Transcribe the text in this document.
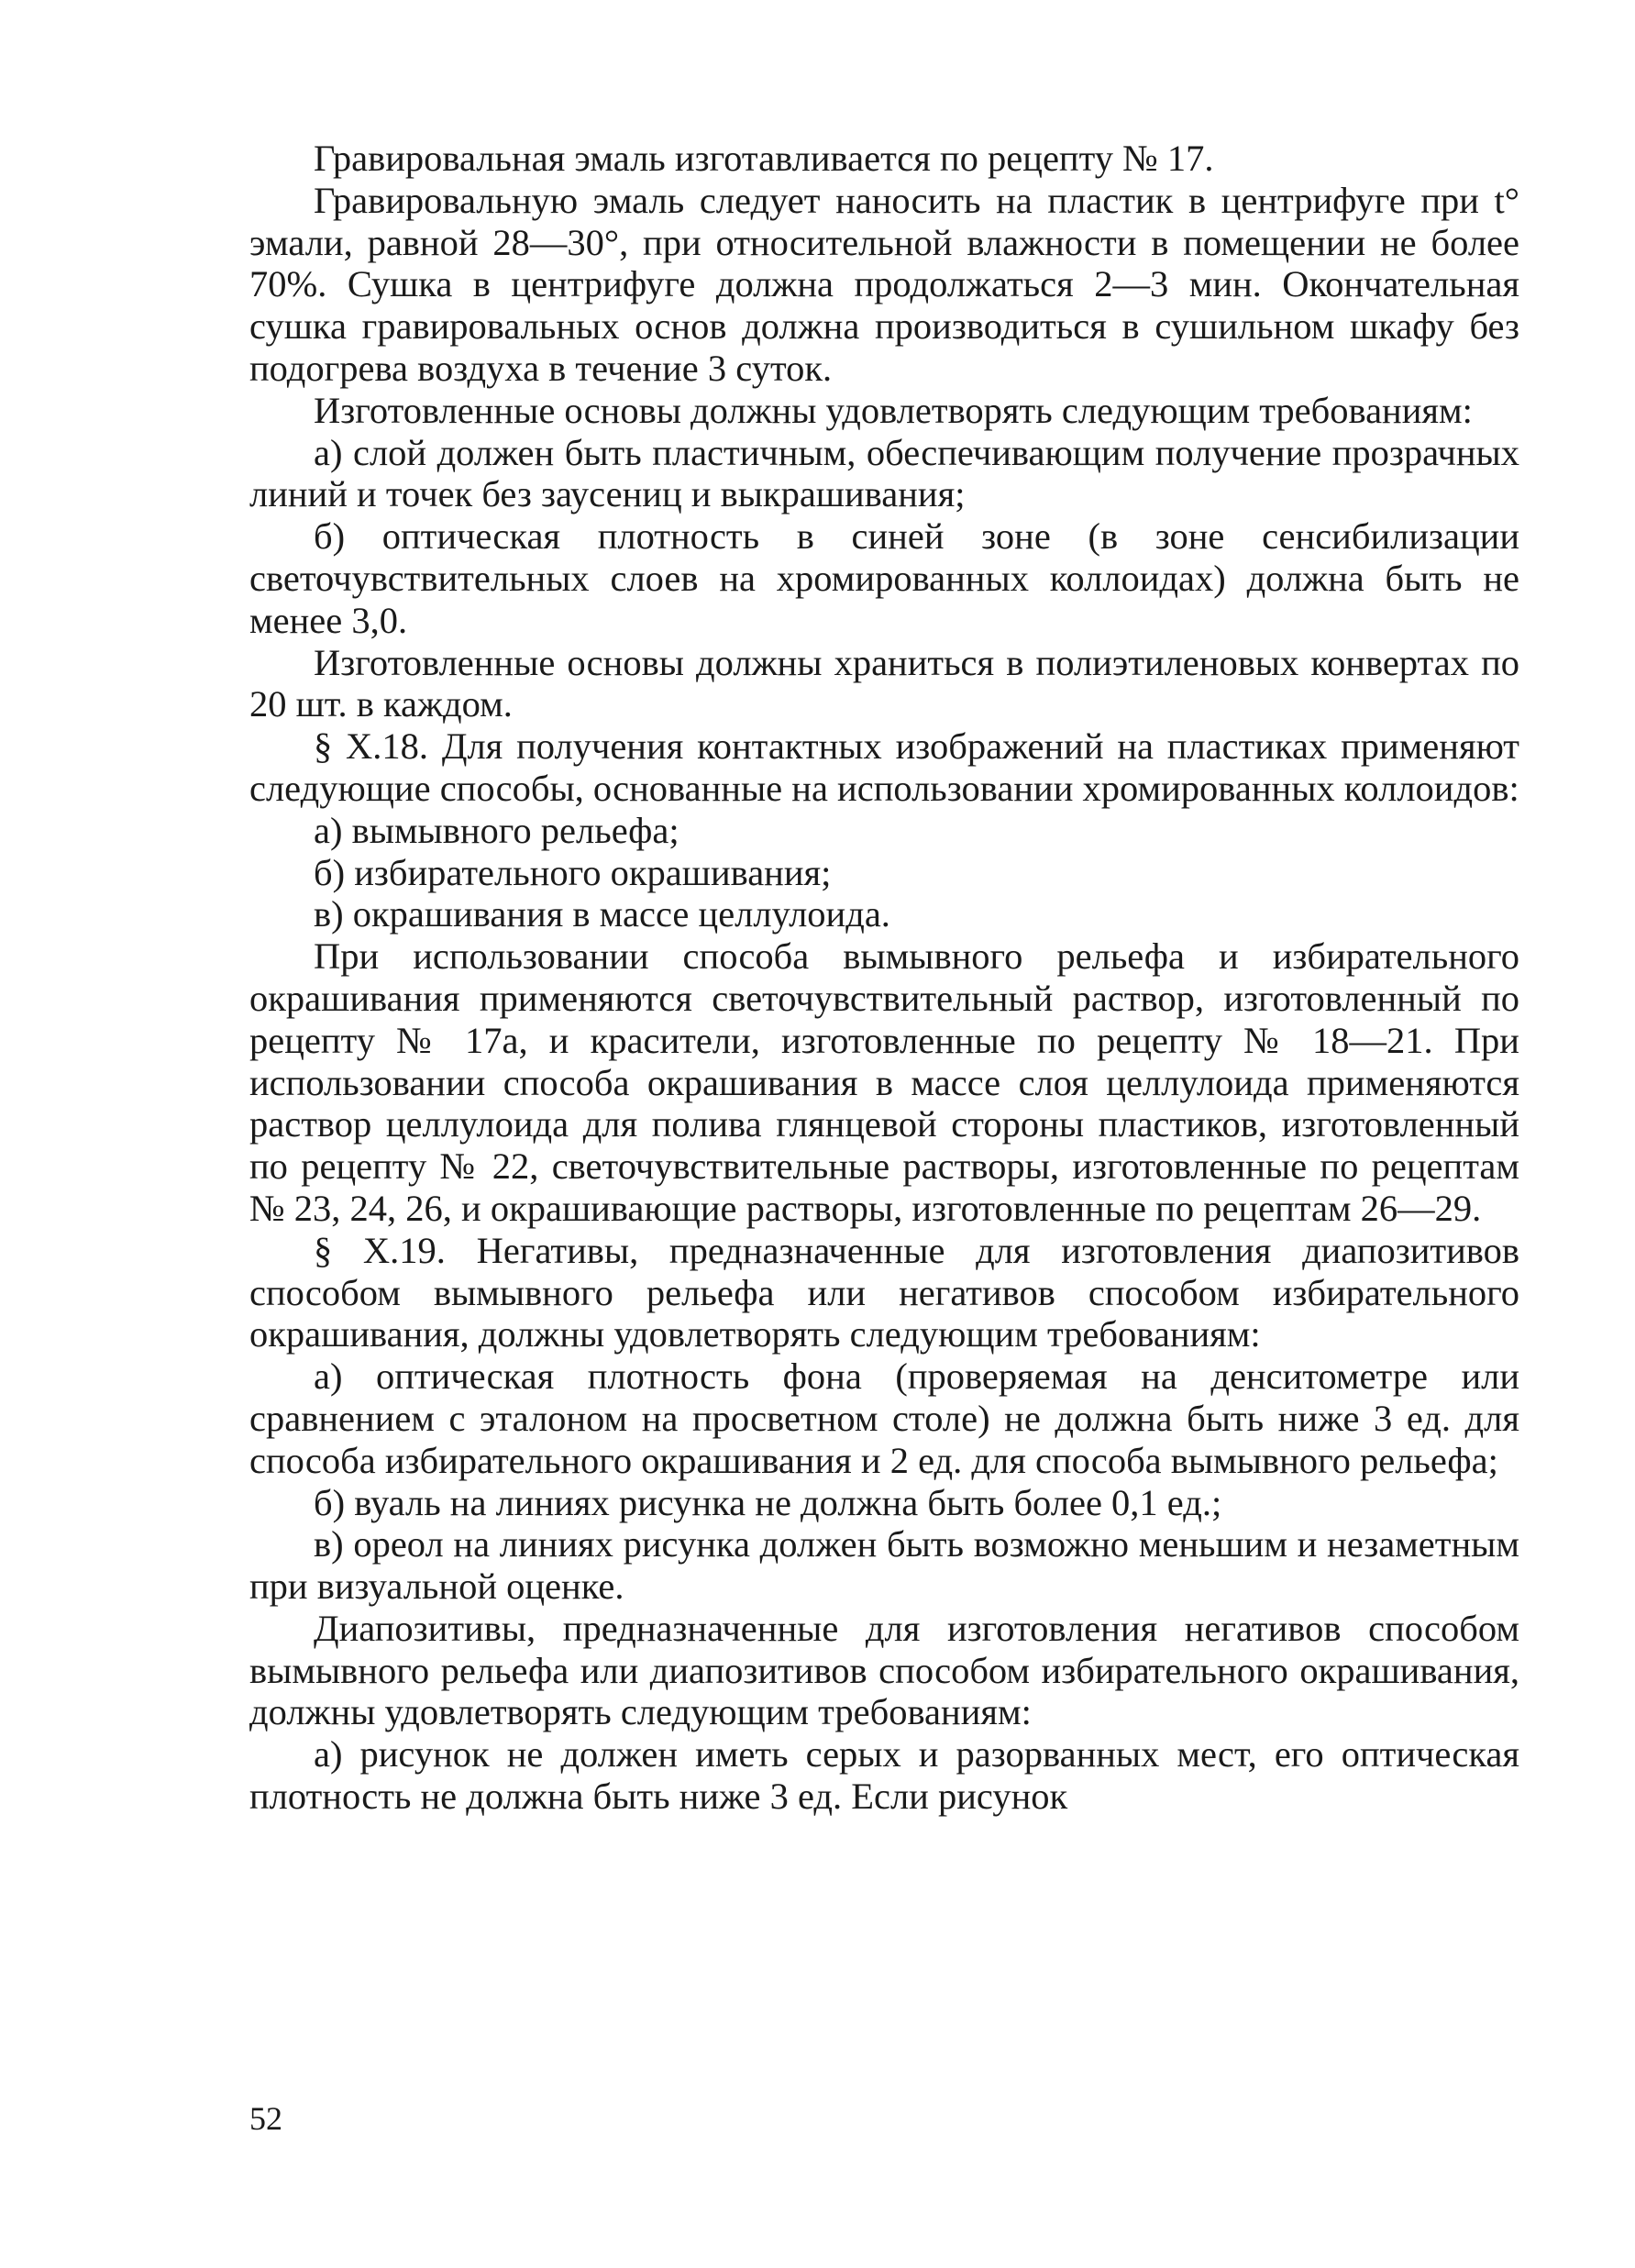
Гравировальная эмаль изготавливается по рецепту № 17.

Гравировальную эмаль следует наносить на пластик в центрифуге при t° эмали, равной 28—30°, при относительной влажности в помещении не более 70%. Сушка в центрифуге должна продолжаться 2—3 мин. Окончательная сушка гравировальных основ должна производиться в сушильном шкафу без подогрева воздуха в течение 3 суток.

Изготовленные основы должны удовлетворять следующим требованиям:

а) слой должен быть пластичным, обеспечивающим получение прозрачных линий и точек без заусениц и выкрашивания;

б) оптическая плотность в синей зоне (в зоне сенсибилизации светочувствительных слоев на хромированных коллоидах) должна быть не менее 3,0.

Изготовленные основы должны храниться в полиэтиленовых конвертах по 20 шт. в каждом.

§ X.18. Для получения контактных изображений на пластиках применяют следующие способы, основанные на использовании хромированных коллоидов:

а) вымывного рельефа;

б) избирательного окрашивания;

в) окрашивания в массе целлулоида.

При использовании способа вымывного рельефа и избирательного окрашивания применяются светочувствительный раствор, изготовленный по рецепту № 17а, и красители, изготовленные по рецепту № 18—21. При использовании способа окрашивания в массе слоя целлулоида применяются раствор целлулоида для полива глянцевой стороны пластиков, изготовленный по рецепту № 22, светочувствительные растворы, изготовленные по рецептам № 23, 24, 26, и окрашивающие растворы, изготовленные по рецептам 26—29.

§ X.19. Негативы, предназначенные для изготовления диапозитивов способом вымывного рельефа или негативов способом избирательного окрашивания, должны удовлетворять следующим требованиям:

а) оптическая плотность фона (проверяемая на денситометре или сравнением с эталоном на просветном столе) не должна быть ниже 3 ед. для способа избирательного окрашивания и 2 ед. для способа вымывного рельефа;

б) вуаль на линиях рисунка не должна быть более 0,1 ед.;

в) ореол на линиях рисунка должен быть возможно меньшим и незаметным при визуальной оценке.

Диапозитивы, предназначенные для изготовления негативов способом вымывного рельефа или диапозитивов способом избирательного окрашивания, должны удовлетворять следующим требованиям:

а) рисунок не должен иметь серых и разорванных мест, его оптическая плотность не должна быть ниже 3 ед. Если рисунок

52
